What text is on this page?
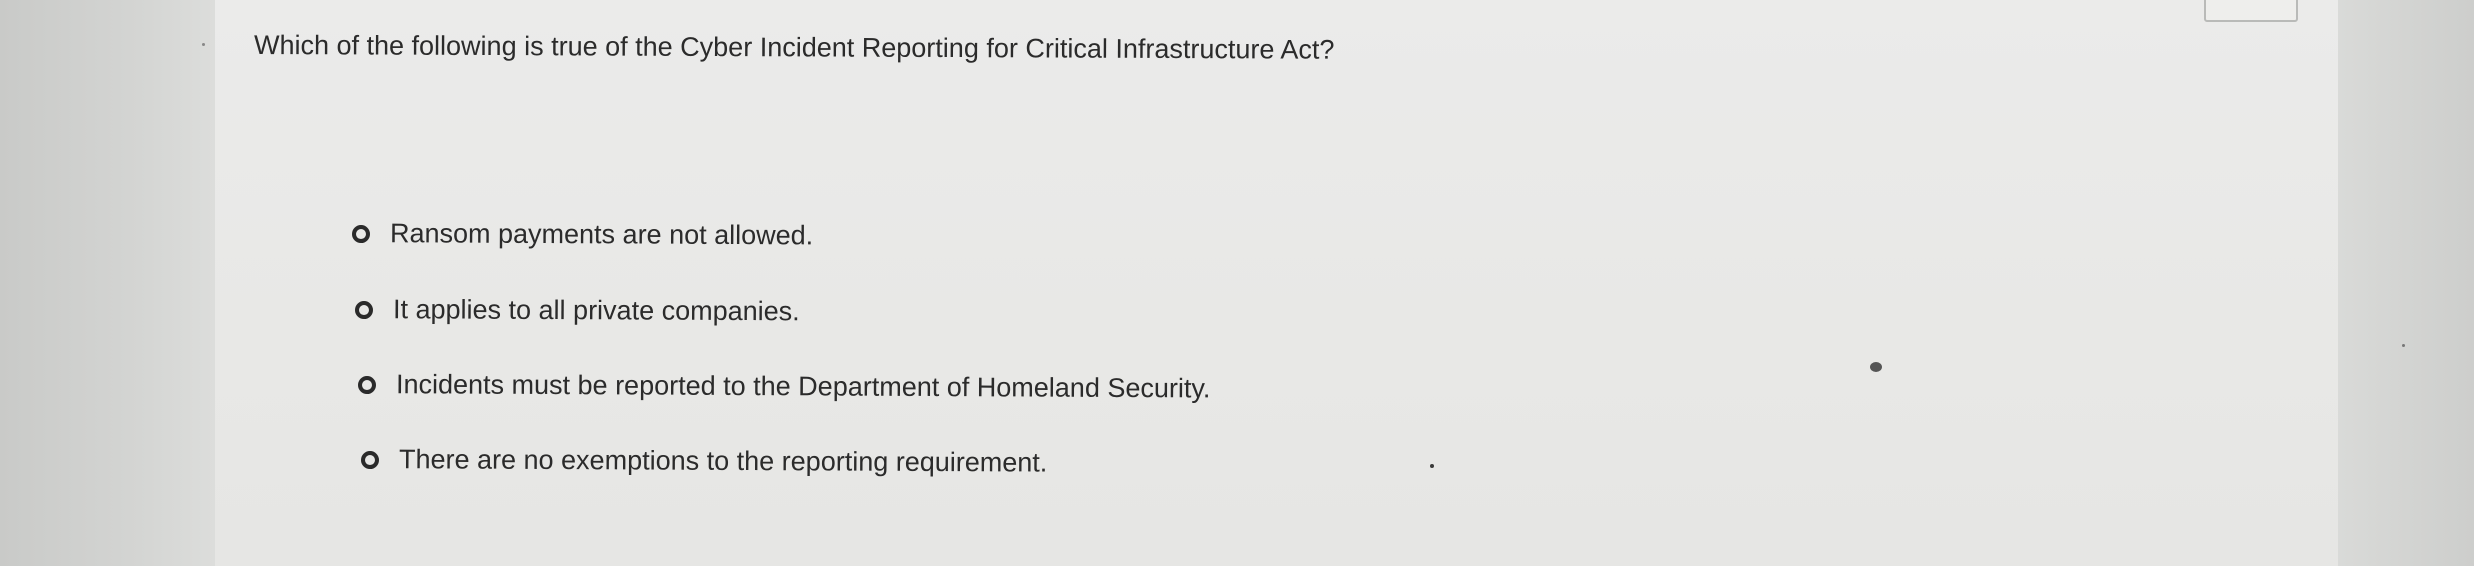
Which of the following is true of the Cyber Incident Reporting for Critical Infrastructure Act?
Ransom payments are not allowed.
It applies to all private companies.
Incidents must be reported to the Department of Homeland Security.
There are no exemptions to the reporting requirement.
